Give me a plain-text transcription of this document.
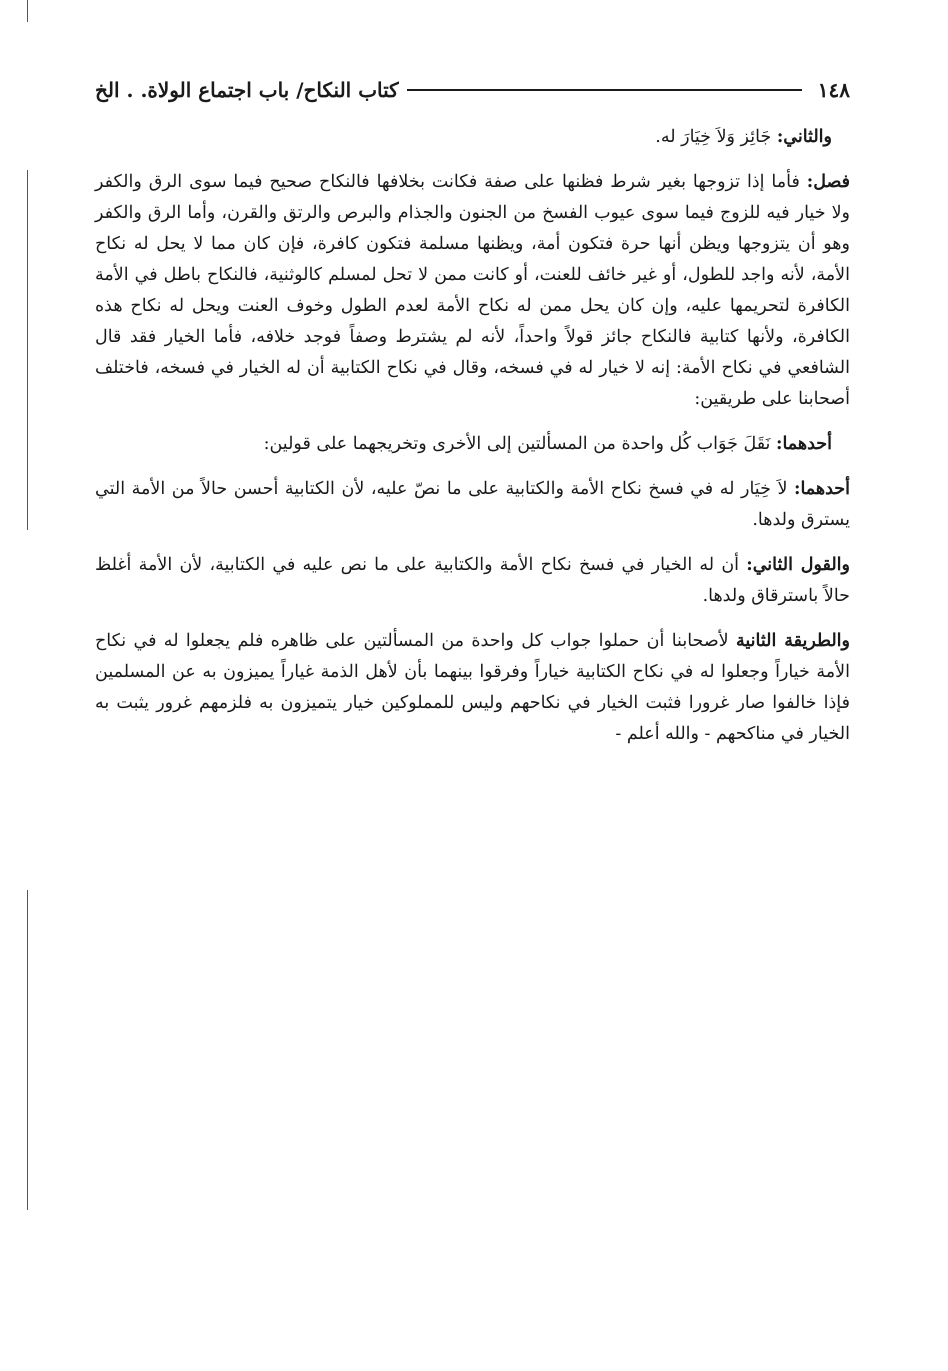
١٤٨
كتاب النكاح/ باب اجتماع الولاة. . الخ

والثاني: جَائِز وَلاَ خِيَارَ له.

فصل: فأما إذا تزوجها بغير شرط فظنها على صفة فكانت بخلافها فالنكاح صحيح فيما سوى الرق والكفر ولا خيار فيه للزوج فيما سوى عيوب الفسخ من الجنون والجذام والبرص والرتق والقرن، وأما الرق والكفر وهو أن يتزوجها ويظن أنها حرة فتكون أمة، ويظنها مسلمة فتكون كافرة، فإن كان مما لا يحل له نكاح الأمة، لأنه واجد للطول، أو غير خائف للعنت، أو كانت ممن لا تحل لمسلم كالوثنية، فالنكاح باطل في الأمة الكافرة لتحريمها عليه، وإن كان يحل ممن له نكاح الأمة لعدم الطول وخوف العنت ويحل له نكاح هذه الكافرة، ولأنها كتابية فالنكاح جائز قولاً واحداً، لأنه لم يشترط وصفاً فوجد خلافه، فأما الخيار فقد قال الشافعي في نكاح الأمة: إنه لا خيار له في فسخه، وقال في نكاح الكتابية أن له الخيار في فسخه، فاختلف أصحابنا على طريقين:

أحدهما: نَقَلَ جَوَاب كُل واحدة من المسألتين إلى الأخرى وتخريجهما على قولين:

أحدهما: لاَ خِيَار له في فسخ نكاح الأمة والكتابية على ما نصّ عليه، لأن الكتابية أحسن حالاً من الأمة التي يسترق ولدها.

والقول الثاني: أن له الخيار في فسخ نكاح الأمة والكتابية على ما نص عليه في الكتابية، لأن الأمة أغلظ حالاً باسترقاق ولدها.

والطريقة الثانية لأصحابنا أن حملوا جواب كل واحدة من المسألتين على ظاهره فلم يجعلوا له في نكاح الأمة خياراً وجعلوا له في نكاح الكتابية خياراً وفرقوا بينهما بأن لأهل الذمة غياراً يميزون به عن المسلمين فإذا خالفوا صار غرورا فثبت الخيار في نكاحهم وليس للمملوكين خيار يتميزون به فلزمهم غرور يثبت به الخيار في مناكحهم - والله أعلم -
